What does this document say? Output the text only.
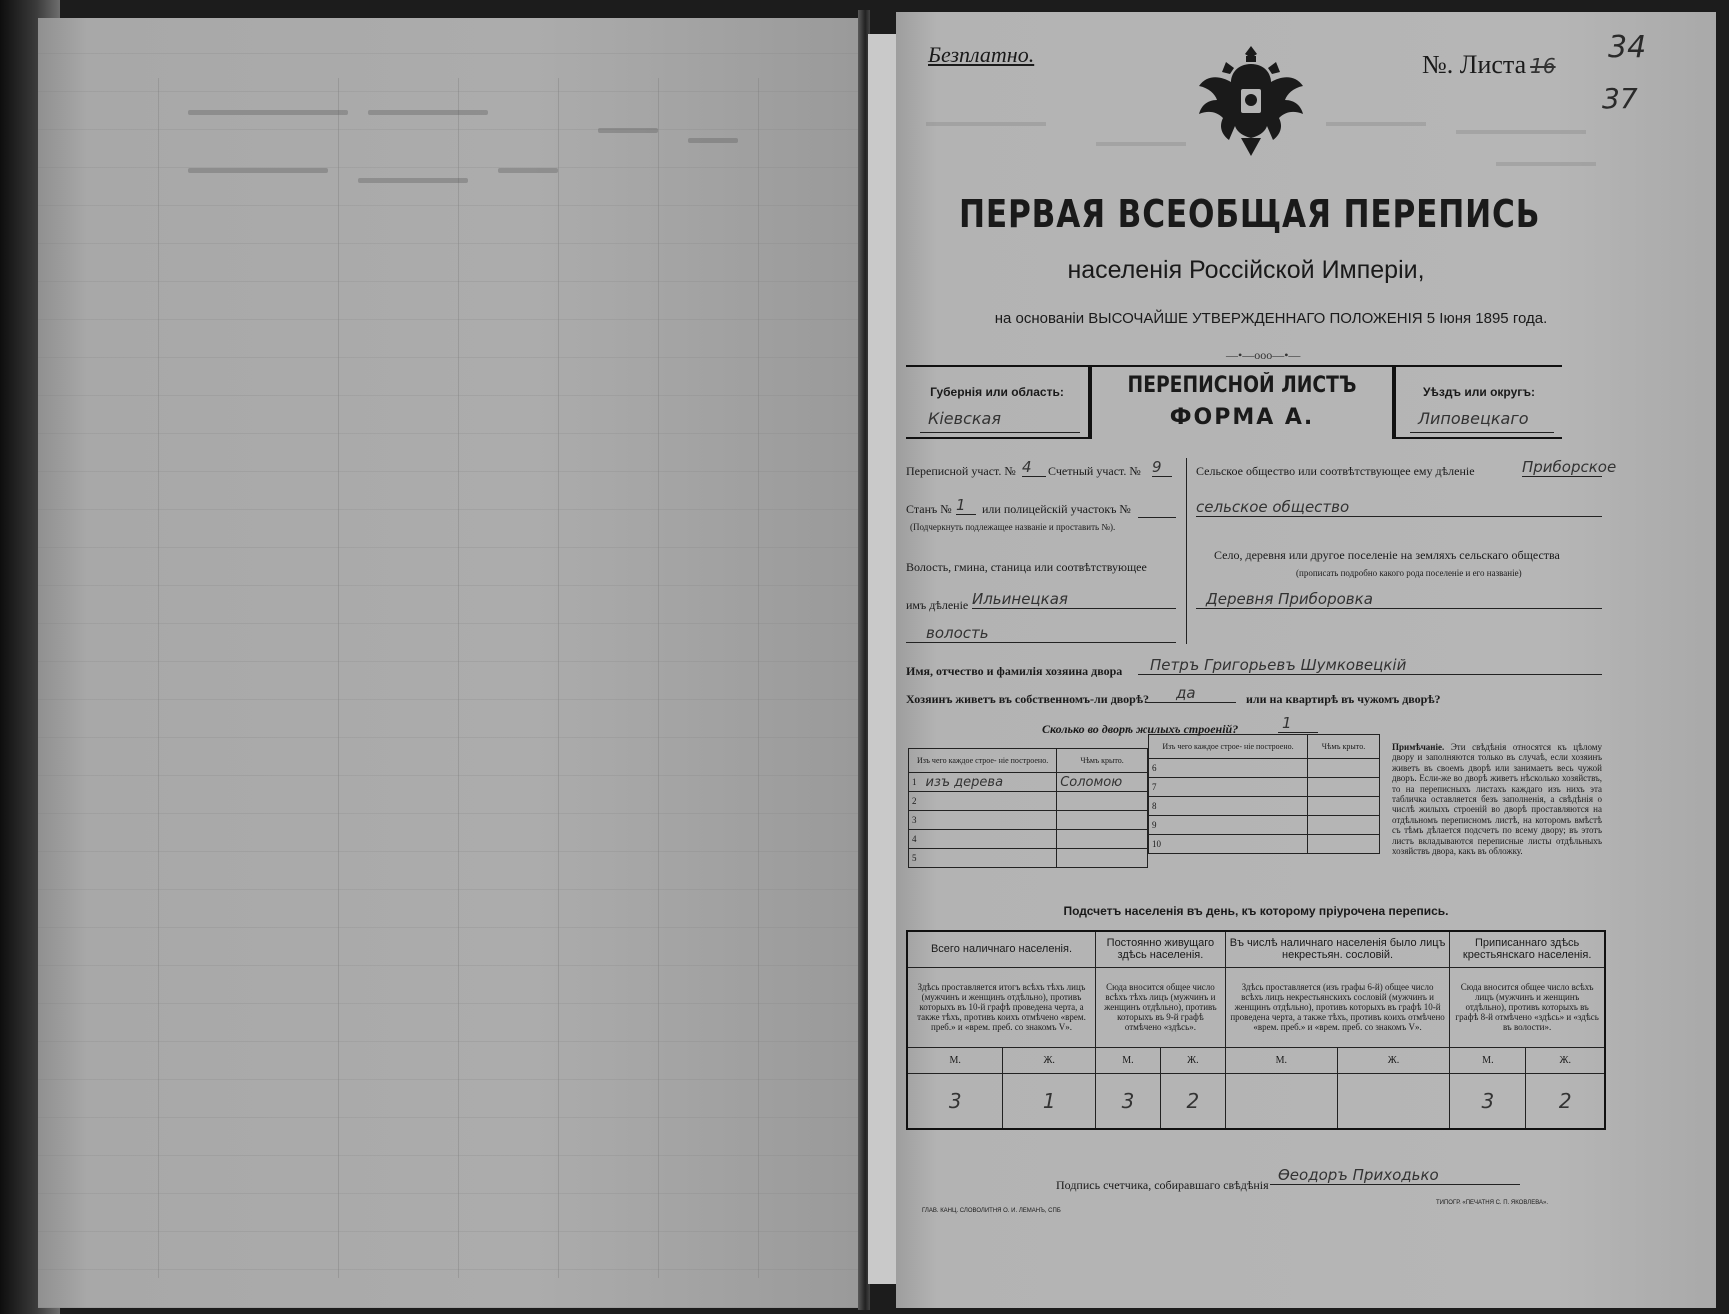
Безплатно.	№. Листа 16
34
37
ПЕРВАЯ ВСЕОБЩАЯ ПЕРЕПИСЬ
населенія Россійской Имперіи,
на основаніи ВЫСОЧАЙШЕ УТВЕРЖДЕННАГО ПОЛОЖЕНІЯ 5 Іюня 1895 года.
—•—ooo—•—
Губернія или область:
Кіевская
ПЕРЕПИСНОЙ ЛИСТЪ
ФОРМА А.
Уѣздъ или округъ:
Липовецкаго
Переписной участ. № 4	Счетный участ. № 9
Станъ № 1	или полицейскій участокъ №
(Подчеркнуть подлежащее названіе и проставить №).
Волость, гмина, станица или соотвѣтствующее
имъ дѣленіе Ильинецкая
волость
Сельское общество или соотвѣтствующее ему дѣленіе	Приборское
сельское общество
Село, деревня или другое поселеніе на земляхъ сельскаго общества
(прописать подробно какого рода поселеніе и его названіе)
Деревня Приборовка
Имя, отчество и фамилія хозяина двора	Петръ Григорьевъ Шумковецкій
Хозяинъ живетъ въ собственномъ-ли дворѣ?	да	или на квартирѣ въ чужомъ дворѣ?
Сколько во дворѣ жилыхъ строеній?	1
Изъ чего каждое строе- ніе построено.		Чѣмъ крыто.
1	изъ дерева	Соломою
2		
3		
4		
5		
Изъ чего каждое строе- ніе построено.		Чѣмъ крыто.
6		
7		
8		
9		
10		
Примѣчаніе. Эти свѣдѣнія относятся къ цѣлому двору и заполняются только въ случаѣ, если хозяинъ живетъ въ своемъ дворѣ или занимаетъ весь чужой дворъ. Если-же во дворѣ живетъ нѣсколько хозяйствъ, то на переписныхъ листахъ каждаго изъ нихъ эта табличка оставляется безъ заполненія, а свѣдѣнія о числѣ жилыхъ строеній во дворѣ проставляются на отдѣльномъ переписномъ листѣ, на которомъ вмѣстѣ съ тѣмъ дѣлается подсчетъ по всему двору; въ этотъ листъ вкладываются переписные листы отдѣльныхъ хозяйствъ двора, какъ въ обложку.
Подсчетъ населенія въ день, къ которому пріурочена перепись.
Всего наличнаго населенія.		Постоянно живущаго здѣсь населенія.		Въ числѣ наличнаго населенія было лицъ некрестьян. сословій.		Приписаннаго здѣсь крестьянскаго населенія.	
Здѣсь проставляется итогъ всѣхъ тѣхъ лицъ (мужчинъ и женщинъ отдѣльно), противъ которыхъ въ 10-й графѣ проведена черта, а также тѣхъ, противъ коихъ отмѣчено «врем. преб.» и «врем. преб. со знакомъ V».		Сюда вносится общее число всѣхъ тѣхъ лицъ (мужчинъ и женщинъ отдѣльно), противъ которыхъ въ 9-й графѣ отмѣчено «здѣсь».		Здѣсь проставляется (изъ графы 6-й) общее число всѣхъ лицъ некрестьянскихъ сословій (мужчинъ и женщинъ отдѣльно), противъ которыхъ въ графѣ 10-й проведена черта, а также тѣхъ, противъ коихъ отмѣчено «врем. преб.» и «врем. преб. со знакомъ V».		Сюда вносится общее число всѣхъ лицъ (мужчинъ и женщинъ отдѣльно), противъ которыхъ въ графѣ 8-й отмѣчено «здѣсь» и «здѣсь въ волости».	
М.	Ж.	М.	Ж.	М.	Ж.	М.	Ж.
3	1	3	2			3	2
Подпись счетчика, собиравшаго свѣдѣнія
Өеодоръ Приходько
ГЛАВ. КАНЦ. СЛОВОЛИТНЯ О. И. ЛЕМАНЪ, СПБ
ТИПОГР. «ПЕЧАТНЯ С. П. ЯКОВЛЕВА».
